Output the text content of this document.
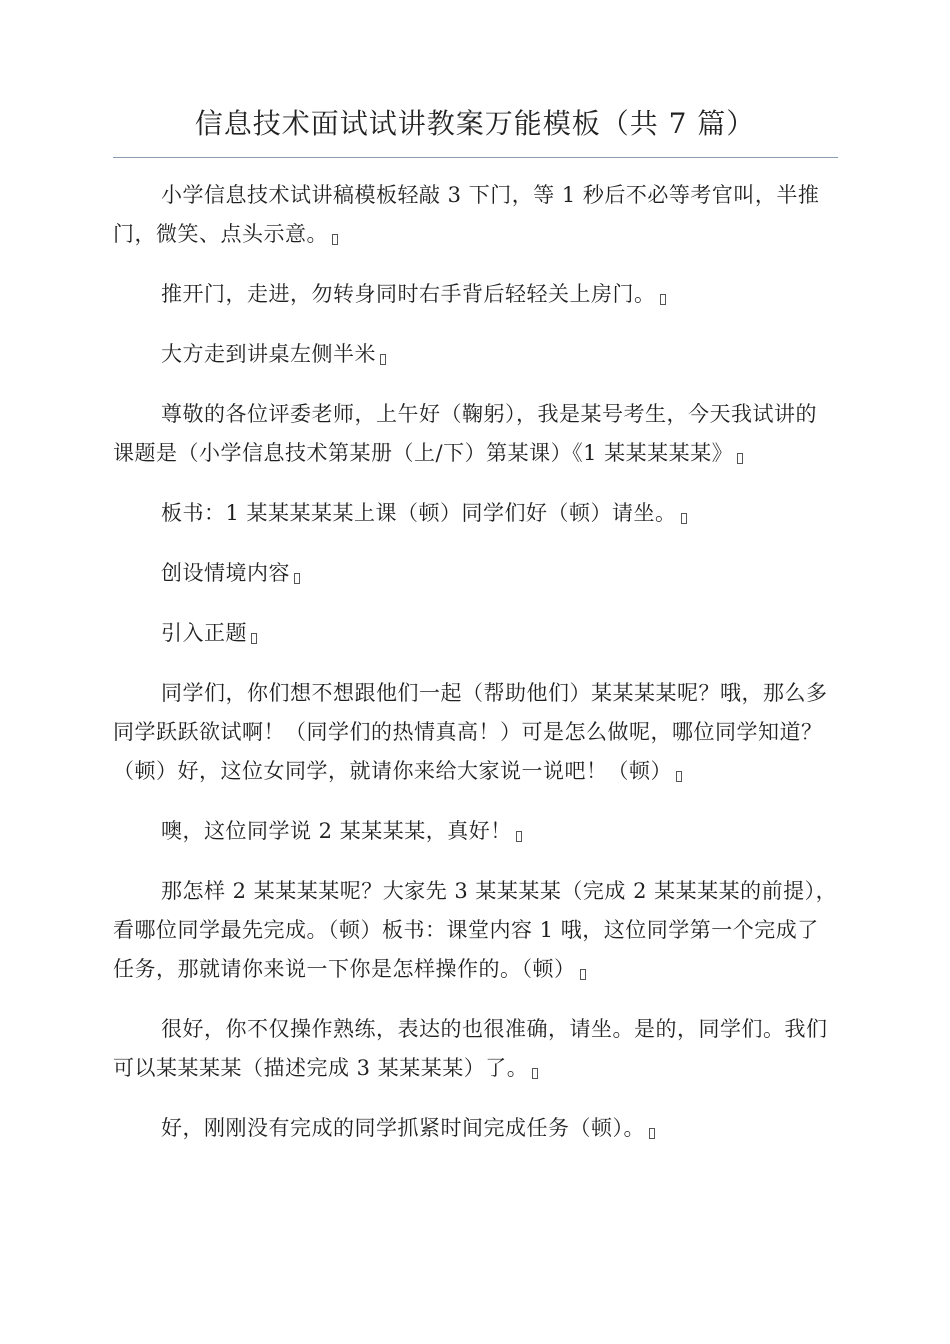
信息技术面试试讲教案万能模板（共 7 篇）

小学信息技术试讲稿模板轻敲 3 下门，等 1 秒后不必等考官叫，半推门，微笑、点头示意。

推开门，走进，勿转身同时右手背后轻轻关上房门。

大方走到讲桌左侧半米

尊敬的各位评委老师，上午好（鞠躬），我是某号考生，今天我试讲的课题是（小学信息技术第某册（上/下）第某课）《1 某某某某某》

板书：1 某某某某某上课（顿）同学们好（顿）请坐。

创设情境内容

引入正题

同学们，你们想不想跟他们一起（帮助他们）某某某某呢？哦，那么多同学跃跃欲试啊！（同学们的热情真高！）可是怎么做呢，哪位同学知道？（顿）好，这位女同学，就请你来给大家说一说吧！（顿）

噢，这位同学说 2 某某某某，真好！

那怎样 2 某某某某呢？大家先 3 某某某某（完成 2 某某某某的前提），看哪位同学最先完成。（顿）板书：课堂内容 1 哦，这位同学第一个完成了任务，那就请你来说一下你是怎样操作的。（顿）

很好，你不仅操作熟练，表达的也很准确，请坐。是的，同学们。我们可以某某某某（描述完成 3 某某某某）了。

好，刚刚没有完成的同学抓紧时间完成任务（顿）。
